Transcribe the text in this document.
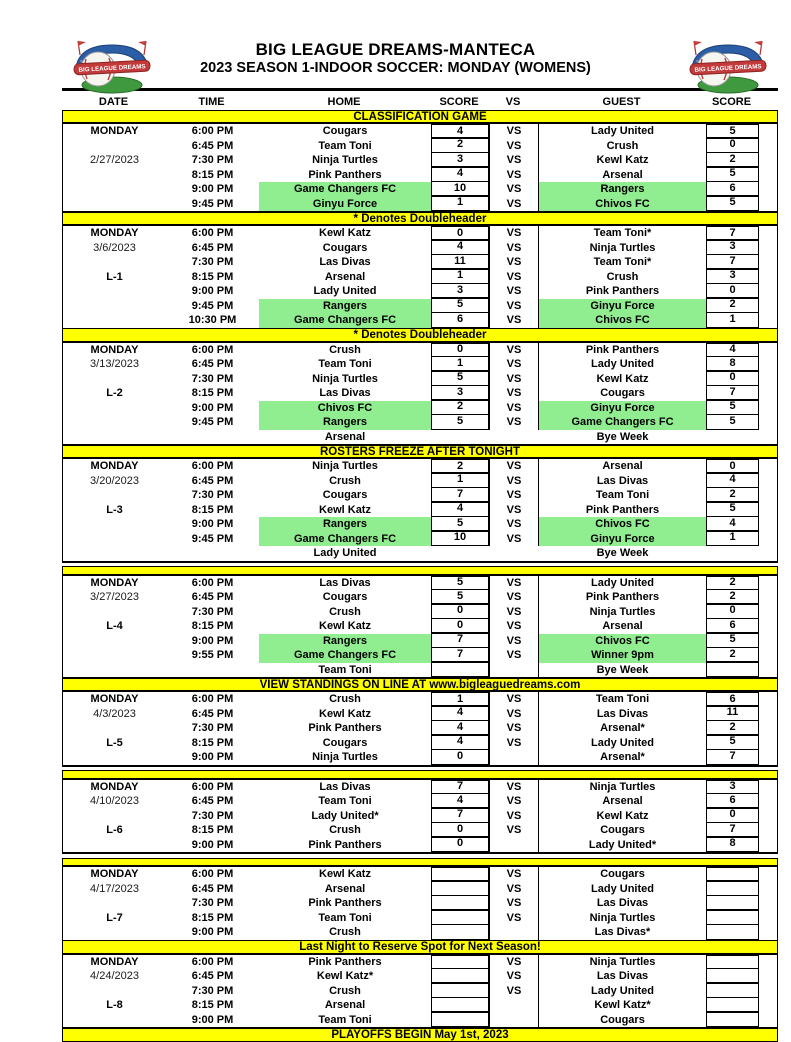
BIG LEAGUE DREAMS-MANTECA
2023 SEASON 1-INDOOR SOCCER: MONDAY (WOMENS)
BIG LEAGUE DREAMS	BIG LEAGUE DREAMS
DATE	TIME	HOME	SCORE	VS	GUEST	SCORE
CLASSIFICATION GAME
MONDAY	6:00 PM	Cougars	4	VS	Lady United	5
6:45 PM	Team Toni	2	VS	Crush	0
2/27/2023	7:30 PM	Ninja Turtles	3	VS	Kewl Katz	2
8:15 PM	Pink Panthers	4	VS	Arsenal	5
9:00 PM	Game Changers FC	10	VS	Rangers	6
9:45 PM	Ginyu Force	1	VS	Chivos FC	5
* Denotes Doubleheader
MONDAY	6:00 PM	Kewl Katz	0	VS	Team Toni*	7
3/6/2023	6:45 PM	Cougars	4	VS	Ninja Turtles	3
7:30 PM	Las Divas	11	VS	Team Toni*	7
L-1	8:15 PM	Arsenal	1	VS	Crush	3
9:00 PM	Lady United	3	VS	Pink Panthers	0
9:45 PM	Rangers	5	VS	Ginyu Force	2
10:30 PM	Game Changers FC	6	VS	Chivos FC	1
* Denotes Doubleheader
MONDAY	6:00 PM	Crush	0	VS	Pink Panthers	4
3/13/2023	6:45 PM	Team Toni	1	VS	Lady United	8
7:30 PM	Ninja Turtles	5	VS	Kewl Katz	0
L-2	8:15 PM	Las Divas	3	VS	Cougars	7
9:00 PM	Chivos FC	2	VS	Ginyu Force	5
9:45 PM	Rangers	5	VS	Game Changers FC	5
Arsenal	Bye Week
ROSTERS FREEZE AFTER TONIGHT
MONDAY	6:00 PM	Ninja Turtles	2	VS	Arsenal	0
3/20/2023	6:45 PM	Crush	1	VS	Las Divas	4
7:30 PM	Cougars	7	VS	Team Toni	2
L-3	8:15 PM	Kewl Katz	4	VS	Pink Panthers	5
9:00 PM	Rangers	5	VS	Chivos FC	4
9:45 PM	Game Changers FC	10	VS	Ginyu Force	1
Lady United	Bye Week
MONDAY	6:00 PM	Las Divas	5	VS	Lady United	2
3/27/2023	6:45 PM	Cougars	5	VS	Pink Panthers	2
7:30 PM	Crush	0	VS	Ninja Turtles	0
L-4	8:15 PM	Kewl Katz	0	VS	Arsenal	6
9:00 PM	Rangers	7	VS	Chivos FC	5
9:55 PM	Game Changers FC	7	VS	Winner 9pm	2
Team Toni	Bye Week
VIEW STANDINGS ON LINE AT www.bigleaguedreams.com
MONDAY	6:00 PM	Crush	1	VS	Team Toni	6
4/3/2023	6:45 PM	Kewl Katz	4	VS	Las Divas	11
7:30 PM	Pink Panthers	4	VS	Arsenal*	2
L-5	8:15 PM	Cougars	4	VS	Lady United	5
9:00 PM	Ninja Turtles	0	Arsenal*	7
MONDAY	6:00 PM	Las Divas	7	VS	Ninja Turtles	3
4/10/2023	6:45 PM	Team Toni	4	VS	Arsenal	6
7:30 PM	Lady United*	7	VS	Kewl Katz	0
L-6	8:15 PM	Crush	0	VS	Cougars	7
9:00 PM	Pink Panthers	0	Lady United*	8
MONDAY	6:00 PM	Kewl Katz	VS	Cougars
4/17/2023	6:45 PM	Arsenal	VS	Lady United
7:30 PM	Pink Panthers	VS	Las Divas
L-7	8:15 PM	Team Toni	VS	Ninja Turtles
9:00 PM	Crush	Las Divas*
Last Night to Reserve Spot for Next Season!
MONDAY	6:00 PM	Pink Panthers	VS	Ninja Turtles
4/24/2023	6:45 PM	Kewl Katz*	VS	Las Divas
7:30 PM	Crush	VS	Lady United
L-8	8:15 PM	Arsenal	Kewl Katz*
9:00 PM	Team Toni	Cougars
PLAYOFFS BEGIN May 1st, 2023
